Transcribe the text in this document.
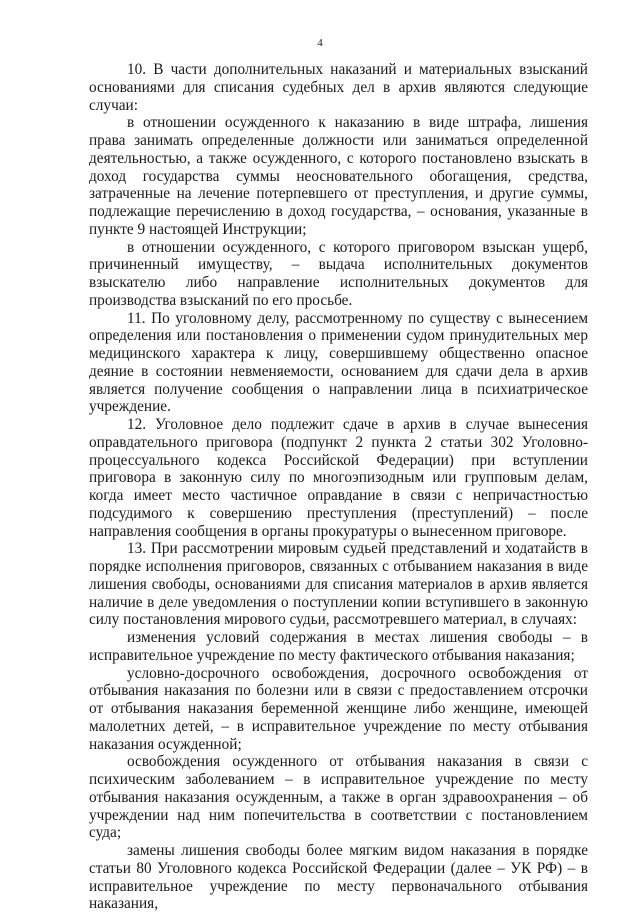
4

10. В части дополнительных наказаний и материальных взысканий основаниями для списания судебных дел в архив являются следующие случаи:

в отношении осужденного к наказанию в виде штрафа, лишения права занимать определенные должности или заниматься определенной деятельностью, а также осужденного, с которого постановлено взыскать в доход государства суммы неосновательного обогащения, средства, затраченные на лечение потерпевшего от преступления, и другие суммы, подлежащие перечислению в доход государства, – основания, указанные в пункте 9 настоящей Инструкции;

в отношении осужденного, с которого приговором взыскан ущерб, причиненный имуществу, – выдача исполнительных документов взыскателю либо направление исполнительных документов для производства взысканий по его просьбе.

11. По уголовному делу, рассмотренному по существу с вынесением определения или постановления о применении судом принудительных мер медицинского характера к лицу, совершившему общественно опасное деяние в состоянии невменяемости, основанием для сдачи дела в архив является получение сообщения о направлении лица в психиатрическое учреждение.

12. Уголовное дело подлежит сдаче в архив в случае вынесения оправдательного приговора (подпункт 2 пункта 2 статьи 302 Уголовно-процессуального кодекса Российской Федерации) при вступлении приговора в законную силу по многоэпизодным или групповым делам, когда имеет место частичное оправдание в связи с непричастностью подсудимого к совершению преступления (преступлений) – после направления сообщения в органы прокуратуры о вынесенном приговоре.

13. При рассмотрении мировым судьей представлений и ходатайств в порядке исполнения приговоров, связанных с отбыванием наказания в виде лишения свободы, основаниями для списания материалов в архив является наличие в деле уведомления о поступлении копии вступившего в законную силу постановления мирового судьи, рассмотревшего материал, в случаях:

изменения условий содержания в местах лишения свободы – в исправительное учреждение по месту фактического отбывания наказания;

условно-досрочного освобождения, досрочного освобождения от отбывания наказания по болезни или в связи с предоставлением отсрочки от отбывания наказания беременной женщине либо женщине, имеющей малолетних детей, – в исправительное учреждение по месту отбывания наказания осужденной;

освобождения осужденного от отбывания наказания в связи с психическим заболеванием – в исправительное учреждение по месту отбывания наказания осужденным, а также в орган здравоохранения – об учреждении над ним попечительства в соответствии с постановлением суда;

замены лишения свободы более мягким видом наказания в порядке статьи 80 Уголовного кодекса Российской Федерации (далее – УК РФ) – в исправительное учреждение по месту первоначального отбывания наказания,
